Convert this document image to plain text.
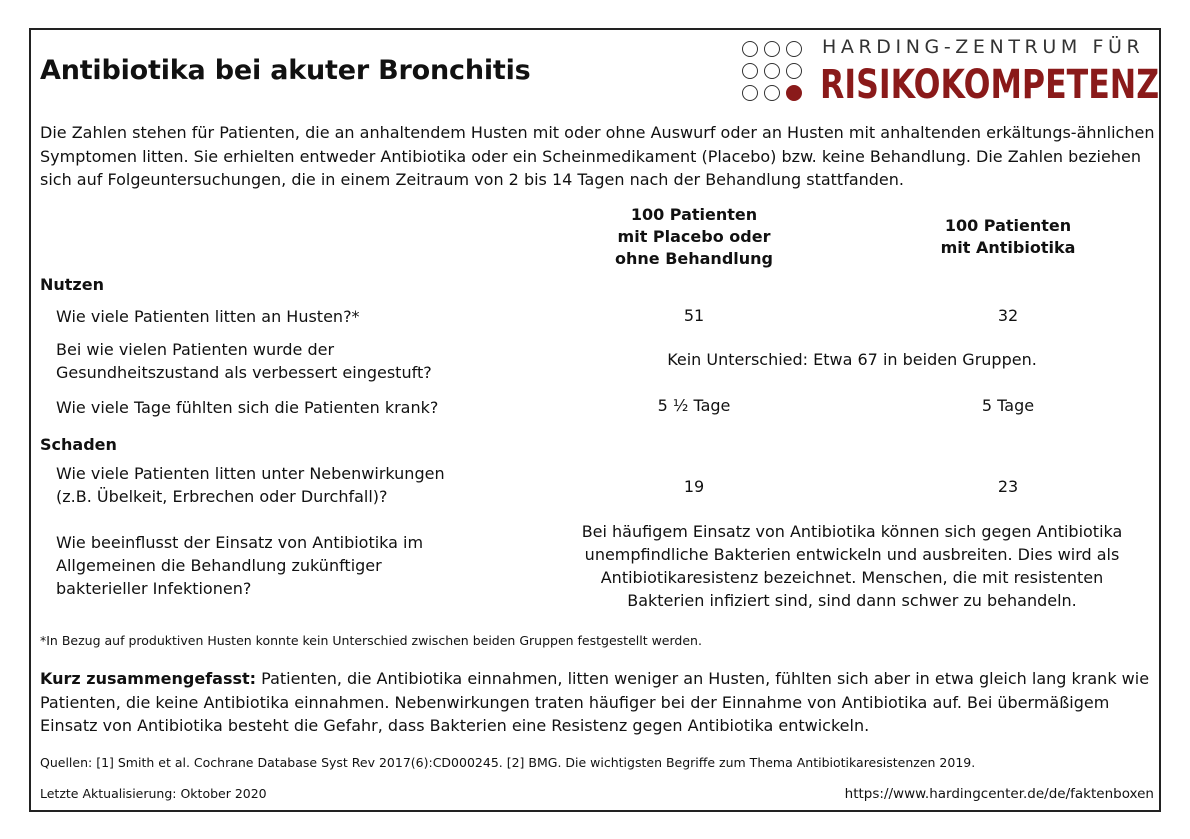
Antibiotika bei akuter Bronchitis
HARDING-ZENTRUM FÜR
RISIKOKOMPETENZ
Die Zahlen stehen für Patienten, die an anhaltendem Husten mit oder ohne Auswurf oder an Husten mit anhaltenden erkältungs-ähnlichen Symptomen litten. Sie erhielten entweder Antibiotika oder ein Scheinmedikament (Placebo) bzw. keine Behandlung. Die Zahlen beziehen sich auf Folgeuntersuchungen, die in einem Zeitraum von 2 bis 14 Tagen nach der Behandlung stattfanden.
100 Patienten
mit Placebo oder
ohne Behandlung
100 Patienten
mit Antibiotika
Nutzen
Wie viele Patienten litten an Husten?*	51	32
Bei wie vielen Patienten wurde der
Gesundheitszustand als verbessert eingestuft?
Kein Unterschied: Etwa 67 in beiden Gruppen.
Wie viele Tage fühlten sich die Patienten krank?	5 ½ Tage	5 Tage
Schaden
Wie viele Patienten litten unter Nebenwirkungen
(z.B. Übelkeit, Erbrechen oder Durchfall)?
19	23
Wie beeinflusst der Einsatz von Antibiotika im
Allgemeinen die Behandlung zukünftiger
bakterieller Infektionen?
Bei häufigem Einsatz von Antibiotika können sich gegen Antibiotika
unempfindliche Bakterien entwickeln und ausbreiten. Dies wird als
Antibiotikaresistenz bezeichnet. Menschen, die mit resistenten
Bakterien infiziert sind, sind dann schwer zu behandeln.
*In Bezug auf produktiven Husten konnte kein Unterschied zwischen beiden Gruppen festgestellt werden.
Kurz zusammengefasst: Patienten, die Antibiotika einnahmen, litten weniger an Husten, fühlten sich aber in etwa gleich lang krank wie Patienten, die keine Antibiotika einnahmen. Nebenwirkungen traten häufiger bei der Einnahme von Antibiotika auf. Bei übermäßigem Einsatz von Antibiotika besteht die Gefahr, dass Bakterien eine Resistenz gegen Antibiotika entwickeln.
Quellen: [1] Smith et al. Cochrane Database Syst Rev 2017(6):CD000245. [2] BMG. Die wichtigsten Begriffe zum Thema Antibiotikaresistenzen 2019.
Letzte Aktualisierung: Oktober 2020	https://www.hardingcenter.de/de/faktenboxen
